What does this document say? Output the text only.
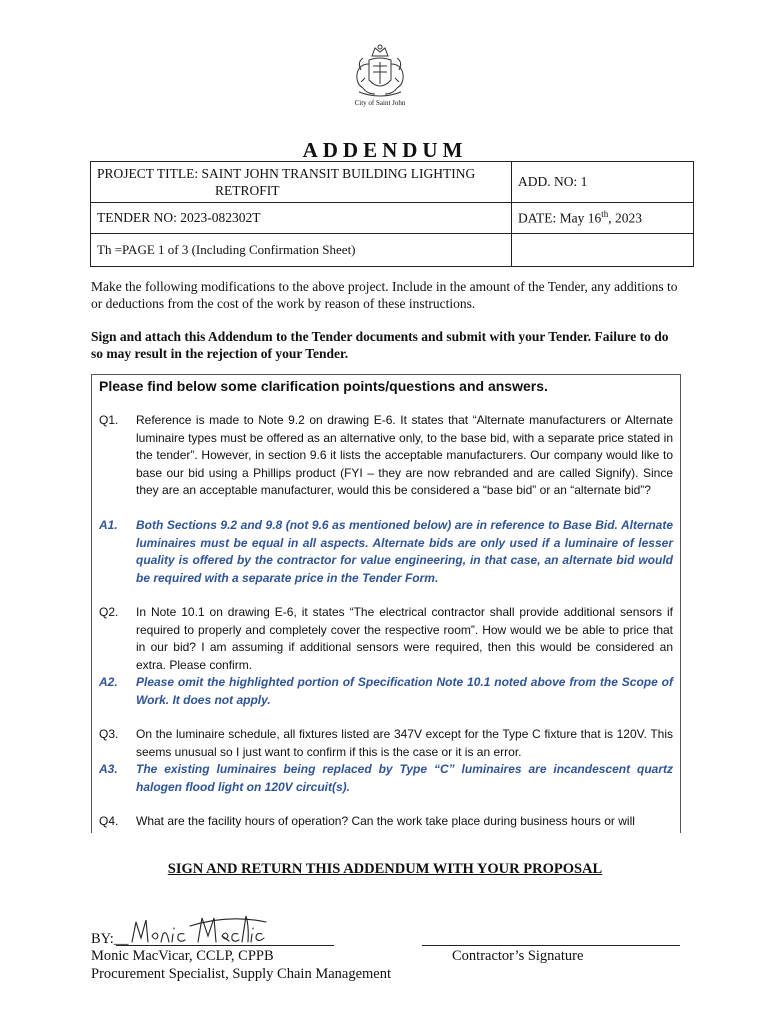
City of Saint John
ADDENDUM
PROJECT TITLE: SAINT JOHN TRANSIT BUILDING LIGHTING
RETROFIT	ADD. NO: 1
TENDER NO: 2023-082302T	DATE: May 16th, 2023
Th =PAGE 1 of 3 (Including Confirmation Sheet)	
Make the following modifications to the above project. Include in the amount of the Tender, any additions to or deductions from the cost of the work by reason of these instructions.
Sign and attach this Addendum to the Tender documents and submit with your Tender. Failure to do so may result in the rejection of your Tender.
Please find below some clarification points/questions and answers.
Q1.	Reference is made to Note 9.2 on drawing E-6. It states that “Alternate manufacturers or Alternate luminaire types must be offered as an alternative only, to the base bid, with a separate price stated in the tender”. However, in section 9.6 it lists the acceptable manufacturers. Our company would like to base our bid using a Phillips product (FYI – they are now rebranded and are called Signify). Since they are an acceptable manufacturer, would this be considered a “base bid” or an “alternate bid”?
A1.	Both Sections 9.2 and 9.8 (not 9.6 as mentioned below) are in reference to Base Bid. Alternate luminaires must be equal in all aspects. Alternate bids are only used if a luminaire of lesser quality is offered by the contractor for value engineering, in that case, an alternate bid would be required with a separate price in the Tender Form.
Q2.	In Note 10.1 on drawing E-6, it states “The electrical contractor shall provide additional sensors if required to properly and completely cover the respective room”. How would we be able to price that in our bid? I am assuming if additional sensors were required, then this would be considered an extra. Please confirm.
A2.	Please omit the highlighted portion of Specification Note 10.1 noted above from the Scope of Work. It does not apply.
Q3.	On the luminaire schedule, all fixtures listed are 347V except for the Type C fixture that is 120V. This seems unusual so I just want to confirm if this is the case or it is an error.
A3.	The existing luminaires being replaced by Type “C” luminaires are incandescent quartz halogen flood light on 120V circuit(s).
Q4.	What are the facility hours of operation? Can the work take place during business hours or will
SIGN AND RETURN THIS ADDENDUM WITH YOUR PROPOSAL
BY:__
Monic MacVicar, CCLP, CPPB
Procurement Specialist, Supply Chain Management
Contractor’s Signature
